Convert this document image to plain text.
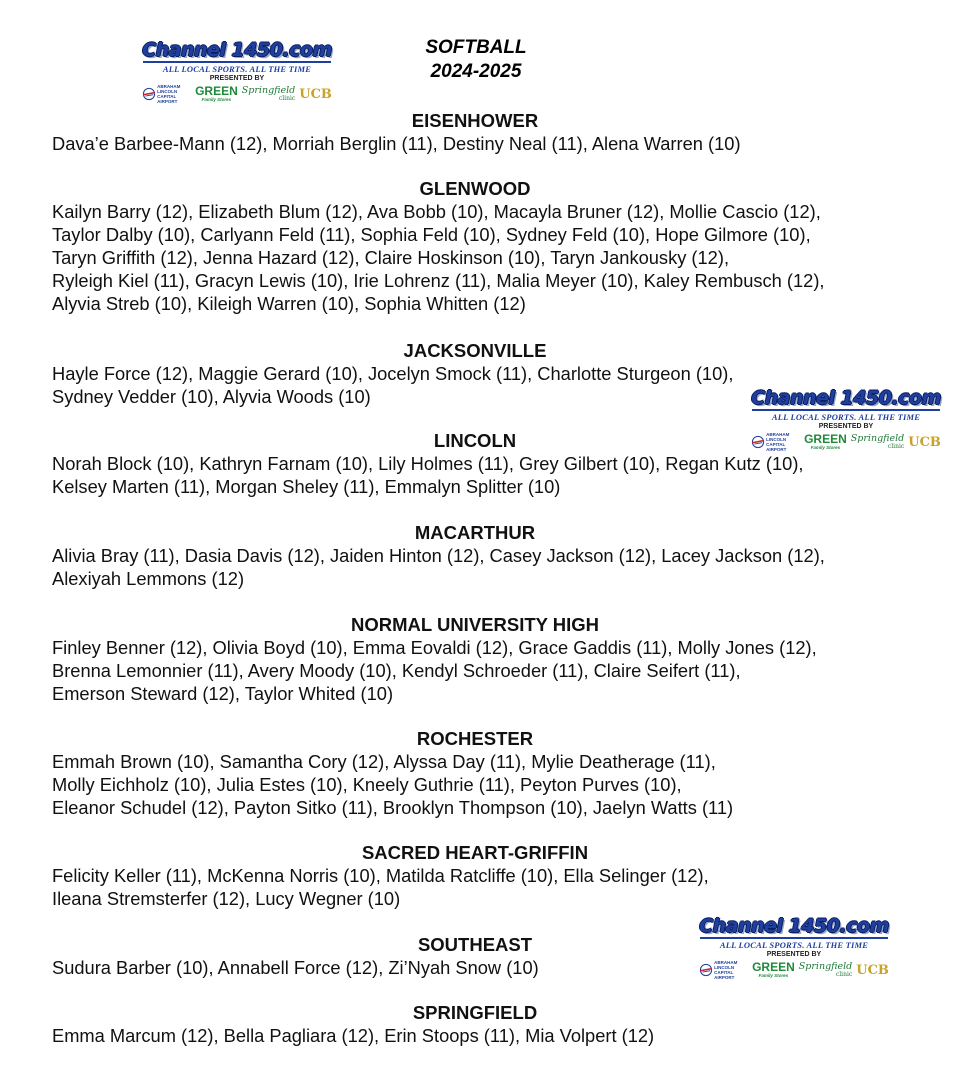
SOFTBALL
2024-2025
Channel 1450.com
ALL LOCAL SPORTS. ALL THE TIME
PRESENTED BY
ABRAHAM LINCOLN CAPITAL AIRPORT
GREEN
Family Stores
Springfield
clinic UCB
Channel 1450.com
ALL LOCAL SPORTS. ALL THE TIME
PRESENTED BY
ABRAHAM LINCOLN CAPITAL AIRPORT
GREEN
Family Stores
Springfield
clinic UCB
Channel 1450.com
ALL LOCAL SPORTS. ALL THE TIME
PRESENTED BY
ABRAHAM LINCOLN CAPITAL AIRPORT
GREEN
Family Stores
Springfield
clinic UCB
EISENHOWER
Dava’e Barbee-Mann (12), Morriah Berglin (11), Destiny Neal (11), Alena Warren (10)
GLENWOOD
Kailyn Barry (12), Elizabeth Blum (12), Ava Bobb (10), Macayla Bruner (12), Mollie Cascio (12),
Taylor Dalby (10), Carlyann Feld (11), Sophia Feld (10), Sydney Feld (10), Hope Gilmore (10),
Taryn Griffith (12), Jenna Hazard (12), Claire Hoskinson (10), Taryn Jankousky (12),
Ryleigh Kiel (11), Gracyn Lewis (10), Irie Lohrenz (11), Malia Meyer (10), Kaley Rembusch (12),
Alyvia Streb (10), Kileigh Warren (10), Sophia Whitten (12)
JACKSONVILLE
Hayle Force (12), Maggie Gerard (10), Jocelyn Smock (11), Charlotte Sturgeon (10),
Sydney Vedder (10), Alyvia Woods (10)
LINCOLN
Norah Block (10), Kathryn Farnam (10), Lily Holmes (11), Grey Gilbert (10), Regan Kutz (10),
Kelsey Marten (11), Morgan Sheley (11), Emmalyn Splitter (10)
MACARTHUR
Alivia Bray (11), Dasia Davis (12), Jaiden Hinton (12), Casey Jackson (12), Lacey Jackson (12),
Alexiyah Lemmons (12)
NORMAL UNIVERSITY HIGH
Finley Benner (12), Olivia Boyd (10), Emma Eovaldi (12), Grace Gaddis (11), Molly Jones (12),
Brenna Lemonnier (11), Avery Moody (10), Kendyl Schroeder (11), Claire Seifert (11),
Emerson Steward (12), Taylor Whited (10)
ROCHESTER
Emmah Brown (10), Samantha Cory (12), Alyssa Day (11), Mylie Deatherage (11),
Molly Eichholz (10), Julia Estes (10), Kneely Guthrie (11), Peyton Purves (10),
Eleanor Schudel (12), Payton Sitko (11), Brooklyn Thompson (10), Jaelyn Watts (11)
SACRED HEART-GRIFFIN
Felicity Keller (11), McKenna Norris (10), Matilda Ratcliffe (10), Ella Selinger (12),
Ileana Stremsterfer (12), Lucy Wegner (10)
SOUTHEAST
Sudura Barber (10), Annabell Force (12), Zi’Nyah Snow (10)
SPRINGFIELD
Emma Marcum (12), Bella Pagliara (12), Erin Stoops (11), Mia Volpert (12)
